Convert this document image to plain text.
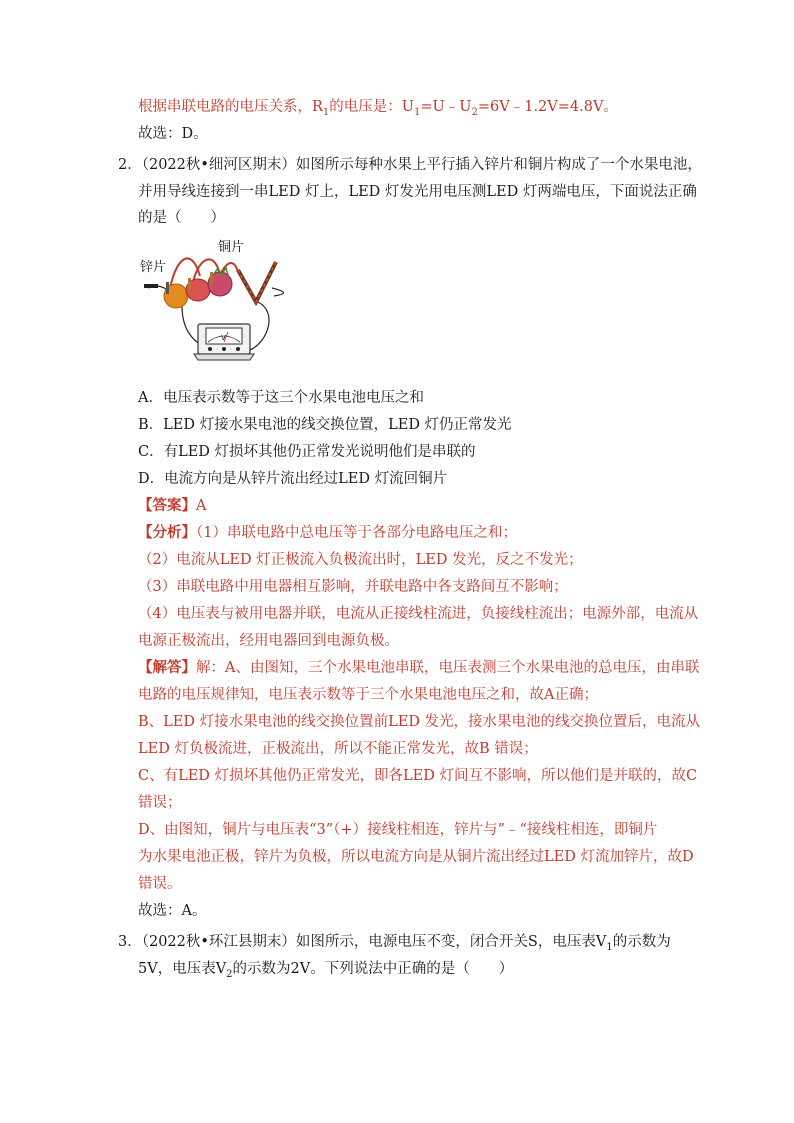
根据串联电路的电压关系，$R_1$的电压是：$U_1=U﹣U_2=6V﹣1.2V=4.8V$。
故选：D。
2．（2022秋•细河区期末）如图所示每种水果上平行插入锌片和铜片构成了一个水果电池，
并用导线连接到一串LED 灯上，LED 灯发光用电压测LED 灯两端电压，下面说法正确
的是（　　）
V
铜片
锌片
A．电压表示数等于这三个水果电池电压之和
B．LED 灯接水果电池的线交换位置，LED 灯仍正常发光
C．有LED 灯损坏其他仍正常发光说明他们是串联的
D．电流方向是从锌片流出经过LED 灯流回铜片
【答案】A
【分析】（1）串联电路中总电压等于各部分电路电压之和；
（2）电流从LED 灯正极流入负极流出时，LED 发光，反之不发光；
（3）串联电路中用电器相互影响，并联电路中各支路间互不影响；
（4）电压表与被用电器并联，电流从正接线柱流进，负接线柱流出；电源外部，电流从
电源正极流出，经用电器回到电源负极。
【解答】解：A、由图知，三个水果电池串联，电压表测三个水果电池的总电压，由串联
电路的电压规律知，电压表示数等于三个水果电池电压之和，故A正确；
B、LED 灯接水果电池的线交换位置前LED 发光，接水果电池的线交换位置后，电流从
LED 灯负极流进，正极流出，所以不能正常发光，故B 错误；
C、有LED 灯损坏其他仍正常发光，即各LED 灯间互不影响，所以他们是并联的，故C
错误；
D、由图知，铜片与电压表“3”（+）接线柱相连，锌片与”﹣“接线柱相连，即铜片
为水果电池正极，锌片为负极，所以电流方向是从铜片流出经过LED 灯流加锌片，故D
错误。
故选：A。
3．（2022秋•环江县期末）如图所示，电源电压不变，闭合开关S，电压表$V_1$的示数为
5V，电压表$V_2$的示数为2V。下列说法中正确的是（　　）
